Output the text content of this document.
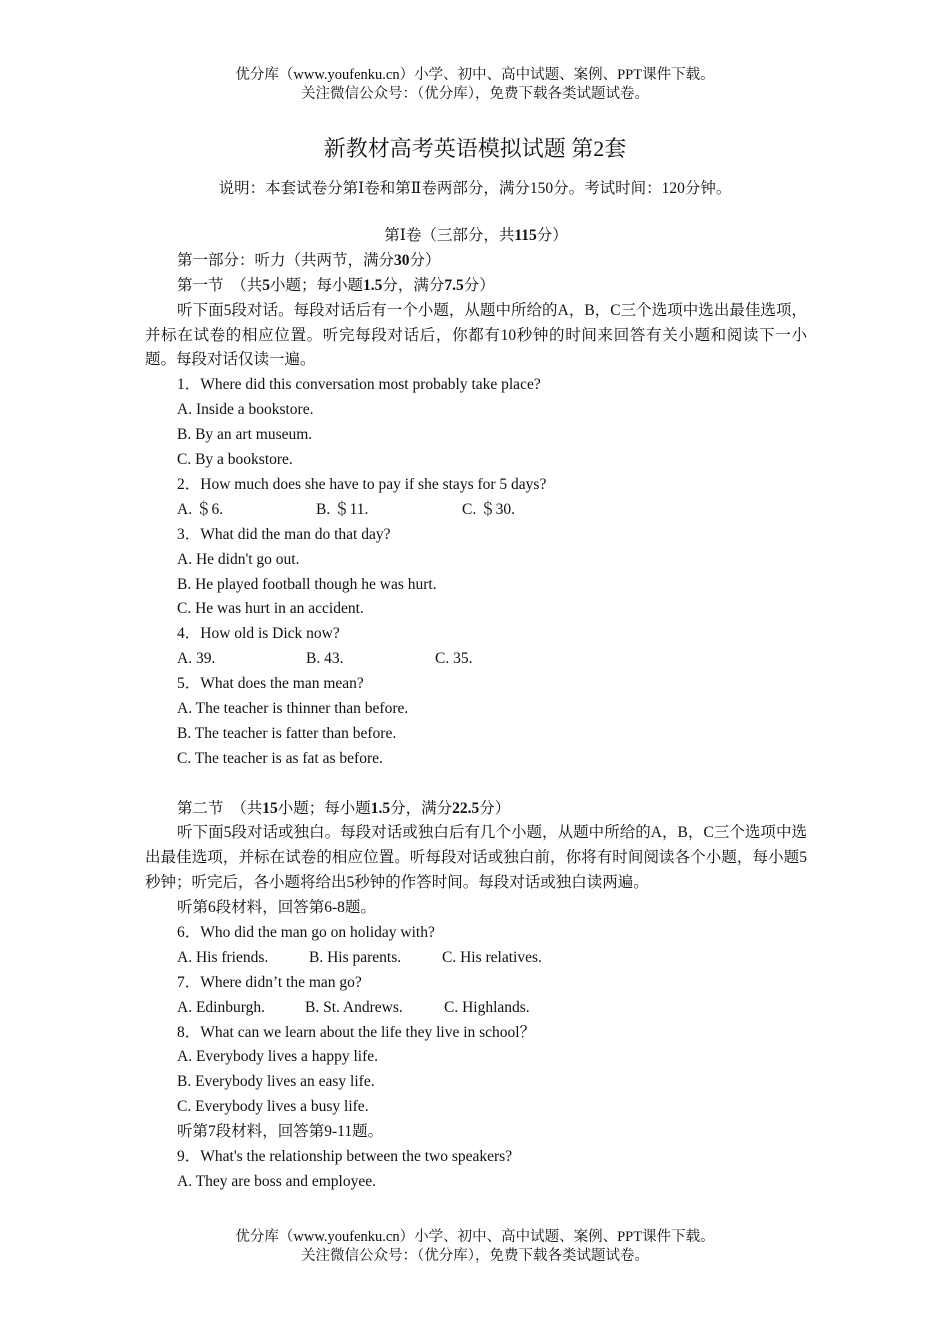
优分库（www.youfenku.cn）小学、初中、高中试题、案例、PPT课件下载。
关注微信公众号：（优分库），免费下载各类试题试卷。
新教材高考英语模拟试题 第2套
说明：本套试卷分第Ⅰ卷和第Ⅱ卷两部分，满分150分。考试时间：120分钟。
第Ⅰ卷（三部分，共115分）
第一部分：听力（共两节，满分30分）
第一节　（共5小题；每小题1.5分，满分7.5分）
听下面5段对话。每段对话后有一个小题，从题中所给的A，B，C三个选项中选出最佳选项，并标在试卷的相应位置。听完每段对话后，你都有10秒钟的时间来回答有关小题和阅读下一小题。每段对话仅读一遍。
1．Where did this conversation most probably take place?
A. Inside a bookstore.
B. By an art museum.
C. By a bookstore.
2．How much does she have to pay if she stays for 5 days?
A. ＄6.	B. ＄11.	C. ＄30.
3．What did the man do that day?
A. He didn't go out.
B. He played football though he was hurt.
C. He was hurt in an accident.
4．How old is Dick now?
A. 39.	B. 43.	C. 35.
5．What does the man mean?
A. The teacher is thinner than before.
B. The teacher is fatter than before.
C. The teacher is as fat as before.
第二节　（共15小题；每小题1.5分，满分22.5分）
听下面5段对话或独白。每段对话或独白后有几个小题，从题中所给的A，B，C三个选项中选出最佳选项，并标在试卷的相应位置。听每段对话或独白前，你将有时间阅读各个小题，每小题5秒钟；听完后，各小题将给出5秒钟的作答时间。每段对话或独白读两遍。
听第6段材料，回答第6-8题。
6．Who did the man go on holiday with?
A. His friends.	B. His parents.	C. His relatives.
7．Where didn’t the man go?
A. Edinburgh.	B. St. Andrews.	C. Highlands.
8．What can we learn about the life they live in school？
A. Everybody lives a happy life.
B. Everybody lives an easy life.
C. Everybody lives a busy life.
听第7段材料，回答第9-11题。
9．What's the relationship between the two speakers?
A. They are boss and employee.
优分库（www.youfenku.cn）小学、初中、高中试题、案例、PPT课件下载。
关注微信公众号：（优分库），免费下载各类试题试卷。
